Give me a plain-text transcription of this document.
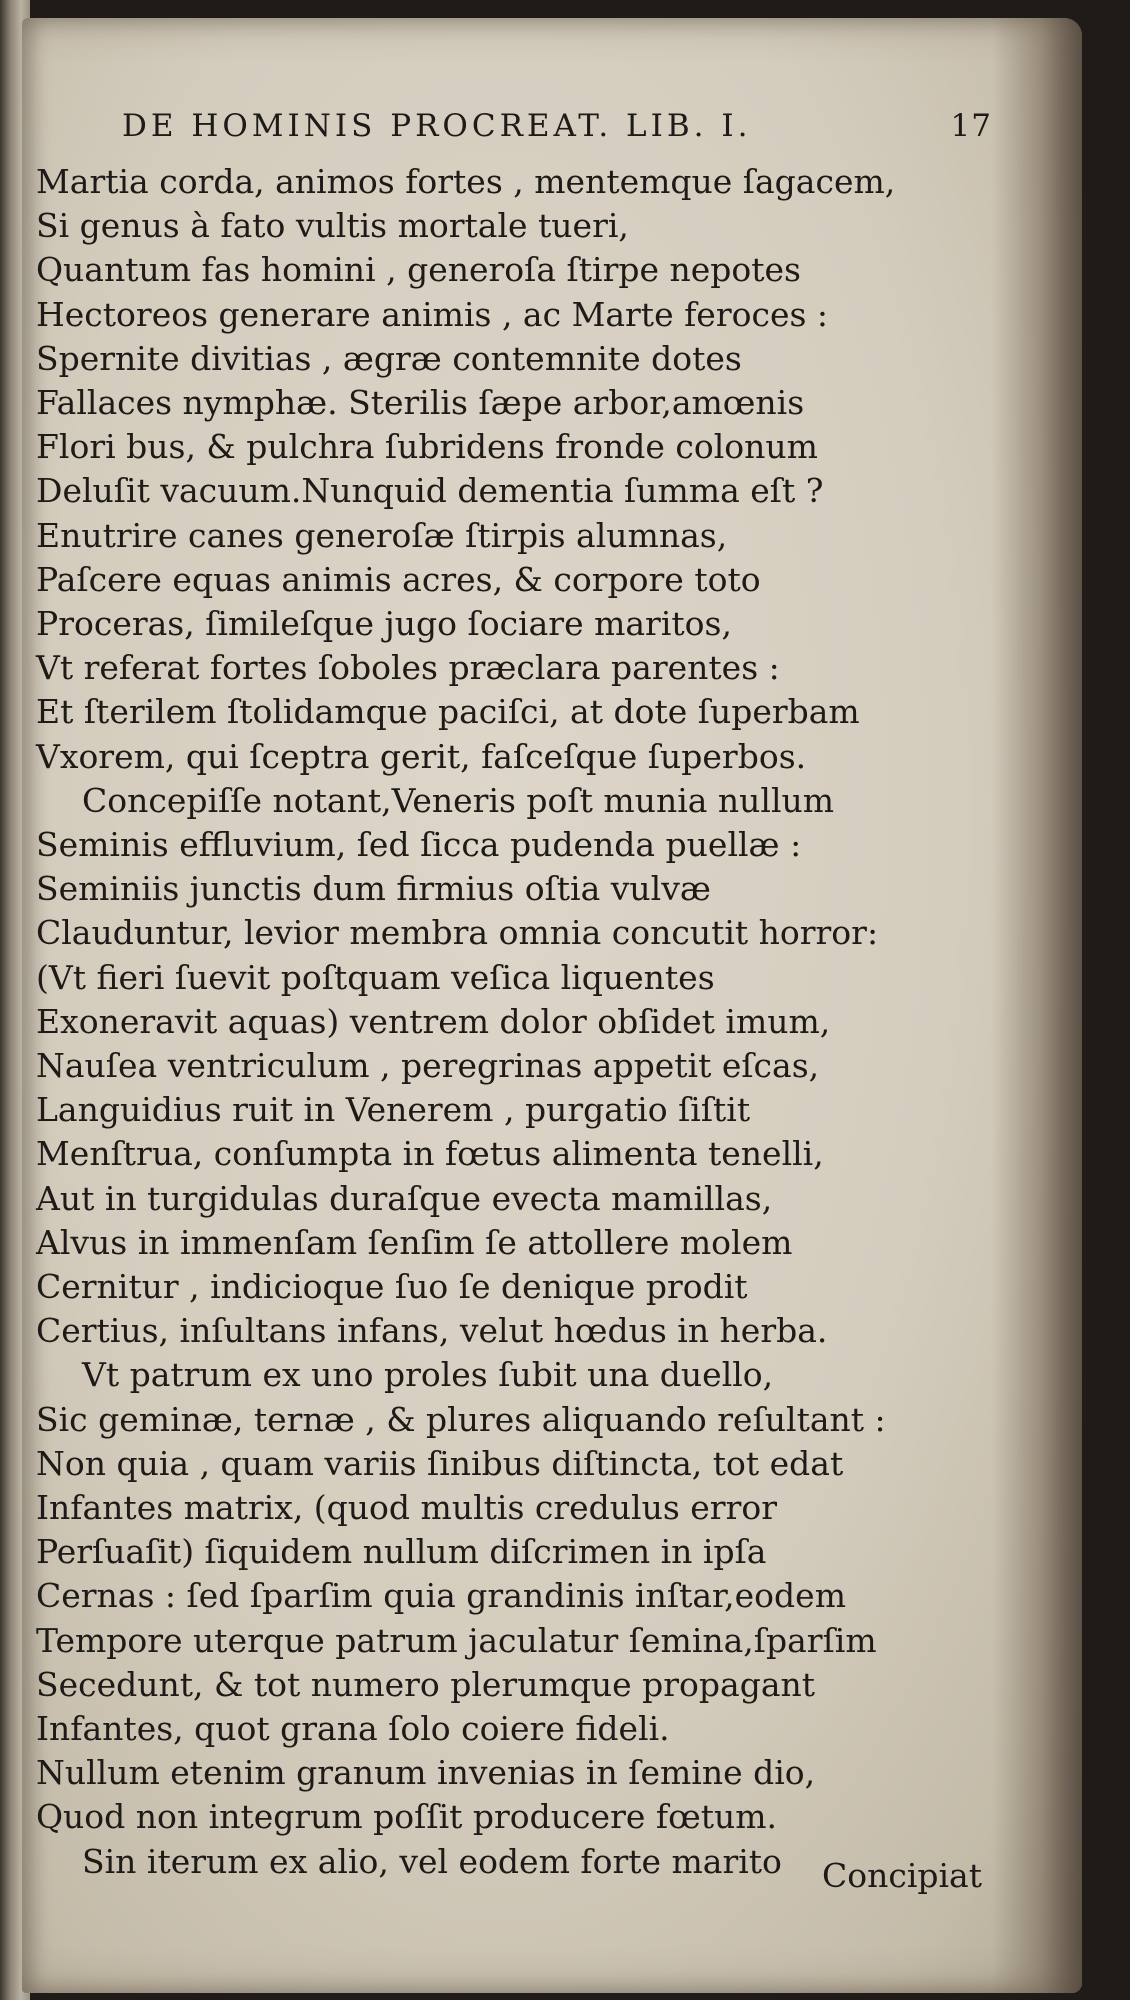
DE HOMINIS PROCREAT. LIB. I.	17
Martia corda, animos fortes , mentemque ſagacem,
Si genus à fato vultis mortale tueri,
Quantum fas homini , generoſa ſtirpe nepotes
Hectoreos generare animis , ac Marte feroces :
Spernite divitias , ægræ contemnite dotes
Fallaces nymphæ. Sterilis ſæpe arbor,amœnis
Flori bus, & pulchra ſubridens fronde colonum
Deluſit vacuum.Nunquid dementia ſumma eſt ?
Enutrire canes generoſæ ſtirpis alumnas,
Paſcere equas animis acres, & corpore toto
Proceras, ſimileſque jugo ſociare maritos,
Vt referat fortes ſoboles præclara parentes :
Et ſterilem ſtolidamque paciſci, at dote ſuperbam
Vxorem, qui ſceptra gerit, faſceſque ſuperbos.
Concepiſſe notant,Veneris poſt munia nullum
Seminis effluvium, ſed ſicca pudenda puellæ :
Seminiis junctis dum firmius oſtia vulvæ
Clauduntur, levior membra omnia concutit horror:
(Vt fieri ſuevit poſtquam veſica liquentes
Exoneravit aquas) ventrem dolor obſidet imum,
Nauſea ventriculum , peregrinas appetit eſcas,
Languidius ruit in Venerem , purgatio ſiſtit
Menſtrua, conſumpta in fœtus alimenta tenelli,
Aut in turgidulas duraſque evecta mamillas,
Alvus in immenſam ſenſim ſe attollere molem
Cernitur , indicioque ſuo ſe denique prodit
Certius, inſultans infans, velut hœdus in herba.
Vt patrum ex uno proles ſubit una duello,
Sic geminæ, ternæ , & plures aliquando reſultant :
Non quia , quam variis ſinibus diſtincta, tot edat
Infantes matrix, (quod multis credulus error
Perſuaſit) ſiquidem nullum diſcrimen in ipſa
Cernas : ſed ſparſim quia grandinis inſtar,eodem
Tempore uterque patrum jaculatur ſemina,ſparſim
Secedunt, & tot numero plerumque propagant
Infantes, quot grana ſolo coiere fideli.
Nullum etenim granum invenias in ſemine dio,
Quod non integrum poſſit producere fœtum.
Sin iterum ex alio, vel eodem forte marito Concipiat
